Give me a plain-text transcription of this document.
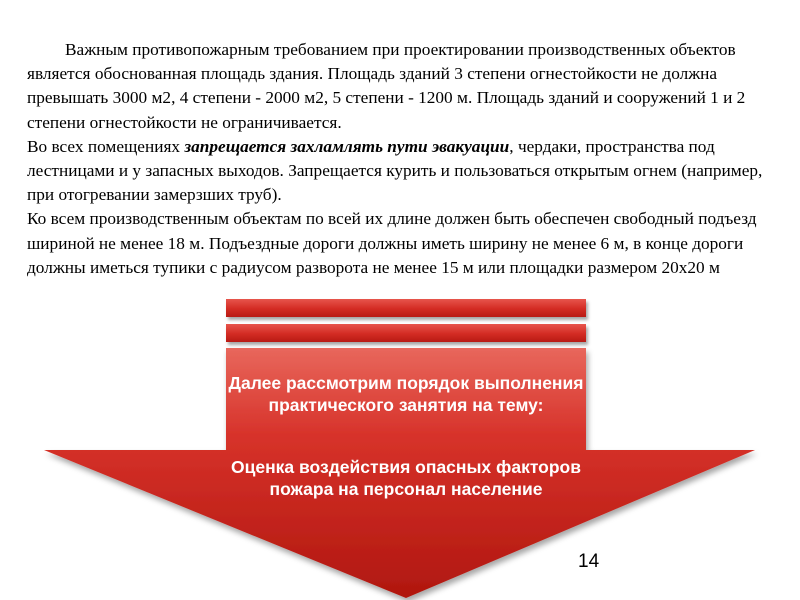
Важным противопожарным требованием при проектировании производственных объектов является обоснованная площадь здания. Площадь зданий 3 степени огнестойкости не должна превышать 3000 м2, 4 степени - 2000 м2, 5 степени - 1200 м. Площадь зданий и сооружений 1 и 2 степени огнестойкости не ограничивается.

Во всех помещениях запрещается захламлять пути эвакуации, чердаки, пространства под лестницами и у запасных выходов. Запрещается курить и пользоваться открытым огнем (например, при отогревании замерзших труб).

Ко всем производственным объектам по всей их длине должен быть обеспечен свободный подъезд шириной не менее 18 м. Подъездные дороги должны иметь ширину не менее 6 м, в конце дороги должны иметься тупики с радиусом разворота не менее 15 м или площадки размером 20х20 м

Далее рассмотрим порядок выполнения практического занятия на тему:
Оценка воздействия опасных факторов пожара на персонал население
14
